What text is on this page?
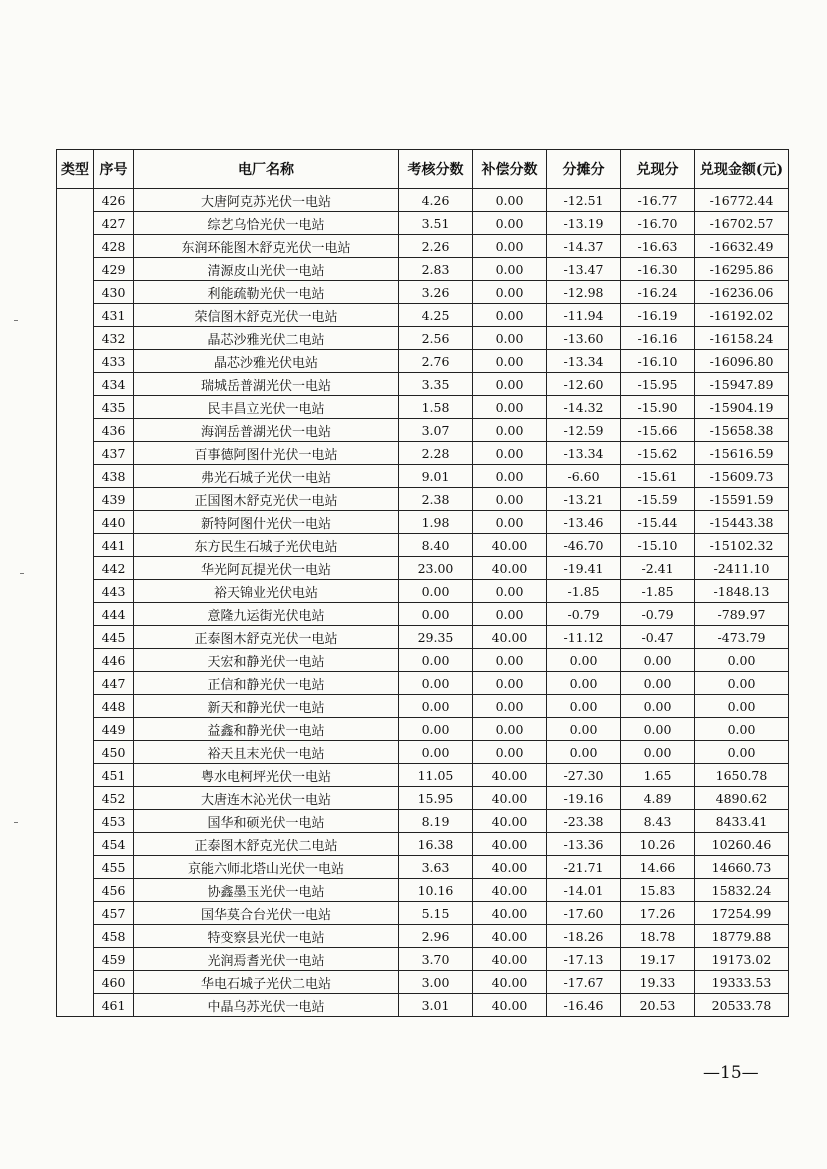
类型	序号	电厂名称	考核分数	补偿分数	分摊分	兑现分	兑现金额(元)
	426	大唐阿克苏光伏一电站	4.26	0.00	-12.51	-16.77	-16772.44
	427	综艺乌恰光伏一电站	3.51	0.00	-13.19	-16.70	-16702.57
	428	东润环能图木舒克光伏一电站	2.26	0.00	-14.37	-16.63	-16632.49
	429	清源皮山光伏一电站	2.83	0.00	-13.47	-16.30	-16295.86
	430	利能疏勒光伏一电站	3.26	0.00	-12.98	-16.24	-16236.06
	431	荣信图木舒克光伏一电站	4.25	0.00	-11.94	-16.19	-16192.02
	432	晶芯沙雅光伏二电站	2.56	0.00	-13.60	-16.16	-16158.24
	433	晶芯沙雅光伏电站	2.76	0.00	-13.34	-16.10	-16096.80
	434	瑞城岳普湖光伏一电站	3.35	0.00	-12.60	-15.95	-15947.89
	435	民丰昌立光伏一电站	1.58	0.00	-14.32	-15.90	-15904.19
	436	海润岳普湖光伏一电站	3.07	0.00	-12.59	-15.66	-15658.38
	437	百事德阿图什光伏一电站	2.28	0.00	-13.34	-15.62	-15616.59
	438	弗光石城子光伏一电站	9.01	0.00	-6.60	-15.61	-15609.73
	439	正国图木舒克光伏一电站	2.38	0.00	-13.21	-15.59	-15591.59
	440	新特阿图什光伏一电站	1.98	0.00	-13.46	-15.44	-15443.38
	441	东方民生石城子光伏电站	8.40	40.00	-46.70	-15.10	-15102.32
	442	华光阿瓦提光伏一电站	23.00	40.00	-19.41	-2.41	-2411.10
	443	裕天锦业光伏电站	0.00	0.00	-1.85	-1.85	-1848.13
	444	意隆九运街光伏电站	0.00	0.00	-0.79	-0.79	-789.97
	445	正泰图木舒克光伏一电站	29.35	40.00	-11.12	-0.47	-473.79
	446	天宏和静光伏一电站	0.00	0.00	0.00	0.00	0.00
	447	正信和静光伏一电站	0.00	0.00	0.00	0.00	0.00
	448	新天和静光伏一电站	0.00	0.00	0.00	0.00	0.00
	449	益鑫和静光伏一电站	0.00	0.00	0.00	0.00	0.00
	450	裕天且末光伏一电站	0.00	0.00	0.00	0.00	0.00
	451	粤水电柯坪光伏一电站	11.05	40.00	-27.30	1.65	1650.78
	452	大唐连木沁光伏一电站	15.95	40.00	-19.16	4.89	4890.62
	453	国华和硕光伏一电站	8.19	40.00	-23.38	8.43	8433.41
	454	正泰图木舒克光伏二电站	16.38	40.00	-13.36	10.26	10260.46
	455	京能六师北塔山光伏一电站	3.63	40.00	-21.71	14.66	14660.73
	456	协鑫墨玉光伏一电站	10.16	40.00	-14.01	15.83	15832.24
	457	国华莫合台光伏一电站	5.15	40.00	-17.60	17.26	17254.99
	458	特变察县光伏一电站	2.96	40.00	-18.26	18.78	18779.88
	459	光润焉耆光伏一电站	3.70	40.00	-17.13	19.17	19173.02
	460	华电石城子光伏二电站	3.00	40.00	-17.67	19.33	19333.53
	461	中晶乌苏光伏一电站	3.01	40.00	-16.46	20.53	20533.78
—15—
